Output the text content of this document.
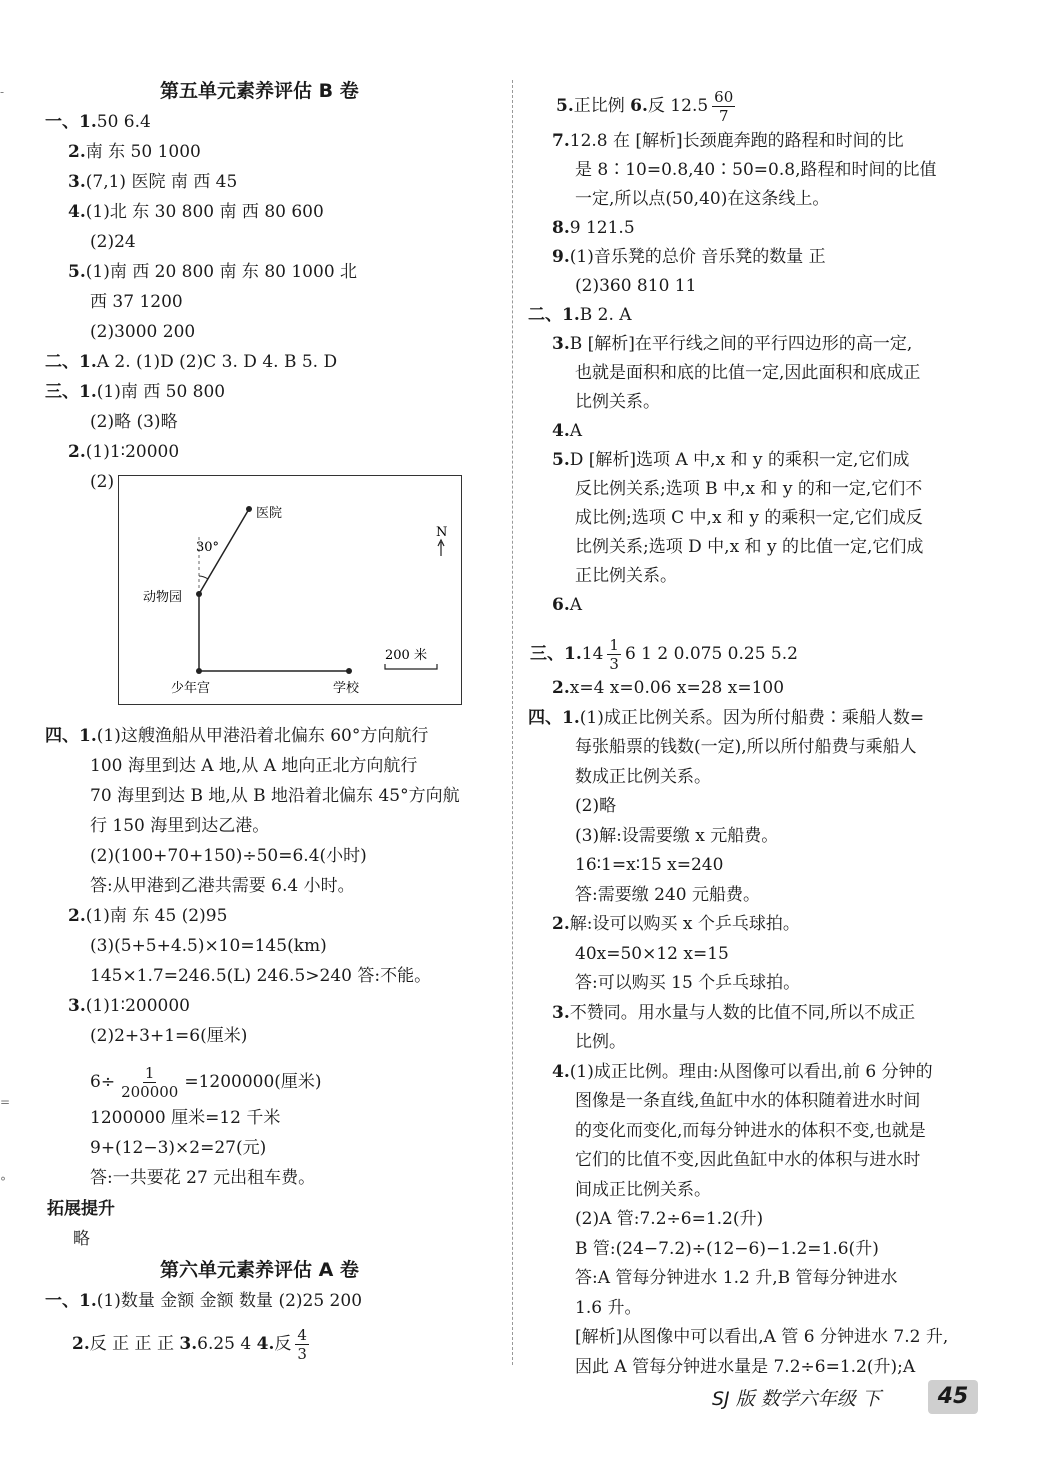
-
=
°
第五单元素养评估 B 卷
一、1.50 6.4
2.南 东 50 1000
3.(7,1) 医院 南 西 45
4.(1)北 东 30 800 南 西 80 600
(2)24
5.(1)南 西 20 800 南 东 80 1000 北
西 37 1200
(2)3000 200
二、1.A 2. (1)D (2)C 3. D 4. B 5. D
三、1.(1)南 西 50 800
(2)略 (3)略
2.(1)1∶20000
(2)
医院
30°
动物园
少年宫	学校
N
200 米
四、1.(1)这艘渔船从甲港沿着北偏东 60°方向航行
100 海里到达 A 地,从 A 地向正北方向航行
70 海里到达 B 地,从 B 地沿着北偏东 45°方向航
行 150 海里到达乙港。
(2)(100+70+150)÷50=6.4(小时)
答:从甲港到乙港共需要 6.4 小时。
2.(1)南 东 45 (2)95
(3)(5+5+4.5)×10=145(km)
145×1.7=246.5(L) 246.5>240 答:不能。
3.(1)1∶200000
(2)2+3+1=6(厘米)
$6\div \frac{1}{200000} =1200000$(厘米)
1200000 厘米=12 千米
9+(12−3)×2=27(元)
答:一共要花 27 元出租车费。
拓展提升
略
第六单元素养评估 A 卷
一、1.(1)数量 金额 金额 数量 (2)25 200
2.反 正 正 正 3.6.25 4 4.反 $\frac{4}{3}$
5.正比例 6.反 $12.5 \frac{60}{7}$
7.12.8 在 [解析]长颈鹿奔跑的路程和时间的比
是 8∶10=0.8,40∶50=0.8,路程和时间的比值
一定,所以点(50,40)在这条线上。
8.9 121.5
9.(1)音乐凳的总价 音乐凳的数量 正
(2)360 810 11
二、1.B 2. A
3.B [解析]在平行线之间的平行四边形的高一定,
也就是面积和底的比值一定,因此面积和底成正
比例关系。
4.A
5.D [解析]选项 A 中,x 和 y 的乘积一定,它们成
反比例关系;选项 B 中,x 和 y 的和一定,它们不
成比例;选项 C 中,x 和 y 的乘积一定,它们成反
比例关系;选项 D 中,x 和 y 的比值一定,它们成
正比例关系。
6.A
三、$1.14 \frac{1}{3} 6$ 1 2 0.075 0.25 5.2
2.x=4 x=0.06 x=28 x=100
四、1.(1)成正比例关系。因为所付船费∶乘船人数=
每张船票的钱数(一定),所以所付船费与乘船人
数成正比例关系。
(2)略
(3)解:设需要缴 x 元船费。
16∶1=x∶15 x=240
答:需要缴 240 元船费。
2.解:设可以购买 x 个乒乓球拍。
40x=50×12 x=15
答:可以购买 15 个乒乓球拍。
3.不赞同。用水量与人数的比值不同,所以不成正
比例。
4.(1)成正比例。理由:从图像可以看出,前 6 分钟的
图像是一条直线,鱼缸中水的体积随着进水时间
的变化而变化,而每分钟进水的体积不变,也就是
它们的比值不变,因此鱼缸中水的体积与进水时
间成正比例关系。
(2)A 管:7.2÷6=1.2(升)
B 管:(24−7.2)÷(12−6)−1.2=1.6(升)
答:A 管每分钟进水 1.2 升,B 管每分钟进水
1.6 升。
[解析]从图像中可以看出,A 管 6 分钟进水 7.2 升,
因此 A 管每分钟进水量是 7.2÷6=1.2(升);A
SJ 版 数学六年级 下	45
